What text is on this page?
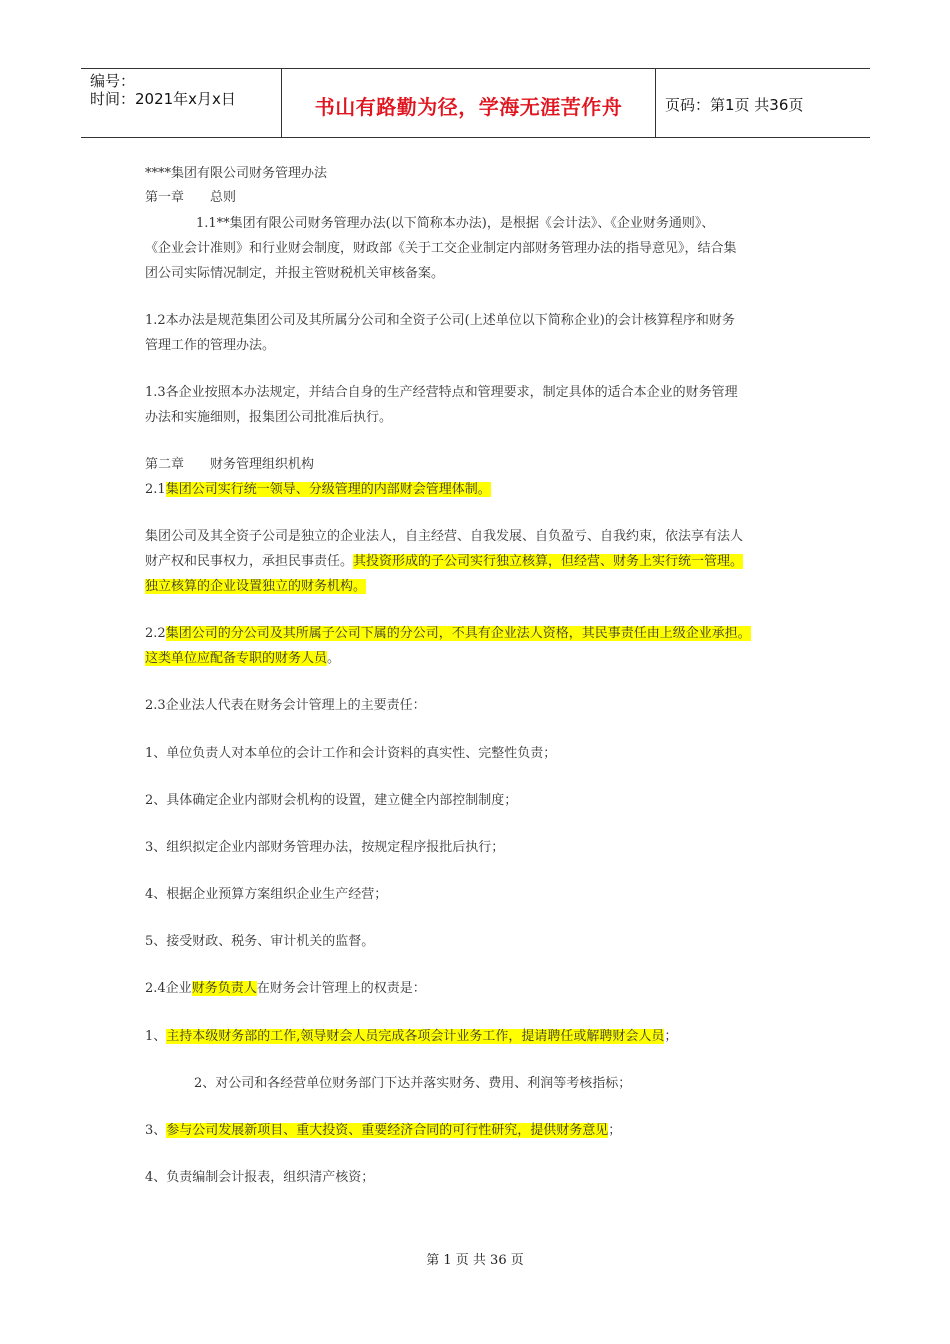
编号：
时间：2021年x月x日	书山有路勤为径，学海无涯苦作舟	页码：第1页 共36页
****集团有限公司财务管理办法
第一章　　总则
1.1**集团有限公司财务管理办法(以下简称本办法)，是根据《会计法》、《企业财务通则》、
《企业会计准则》和行业财会制度，财政部《关于工交企业制定内部财务管理办法的指导意见》，结合集
团公司实际情况制定，并报主管财税机关审核备案。
1.2本办法是规范集团公司及其所属分公司和全资子公司(上述单位以下简称企业)的会计核算程序和财务
管理工作的管理办法。
1.3各企业按照本办法规定，并结合自身的生产经营特点和管理要求，制定具体的适合本企业的财务管理
办法和实施细则，报集团公司批准后执行。
第二章　　财务管理组织机构
2.1集团公司实行统一领导、分级管理的内部财会管理体制。
集团公司及其全资子公司是独立的企业法人，自主经营、自我发展、自负盈亏、自我约束，依法享有法人
财产权和民事权力，承担民事责任。其投资形成的子公司实行独立核算，但经营、财务上实行统一管理。
独立核算的企业设置独立的财务机构。
2.2集团公司的分公司及其所属子公司下属的分公司，不具有企业法人资格，其民事责任由上级企业承担。
这类单位应配备专职的财务人员。
2.3企业法人代表在财务会计管理上的主要责任：
1、单位负责人对本单位的会计工作和会计资料的真实性、完整性负责；
2、具体确定企业内部财会机构的设置，建立健全内部控制制度；
3、组织拟定企业内部财务管理办法，按规定程序报批后执行；
4、根据企业预算方案组织企业生产经营；
5、接受财政、税务、审计机关的监督。
2.4企业财务负责人在财务会计管理上的权责是：
1、主持本级财务部的工作,领导财会人员完成各项会计业务工作，提请聘任或解聘财会人员；
2、对公司和各经营单位财务部门下达并落实财务、费用、利润等考核指标；
3、参与公司发展新项目、重大投资、重要经济合同的可行性研究，提供财务意见；
4、负责编制会计报表，组织清产核资；
第 1 页 共 36 页
